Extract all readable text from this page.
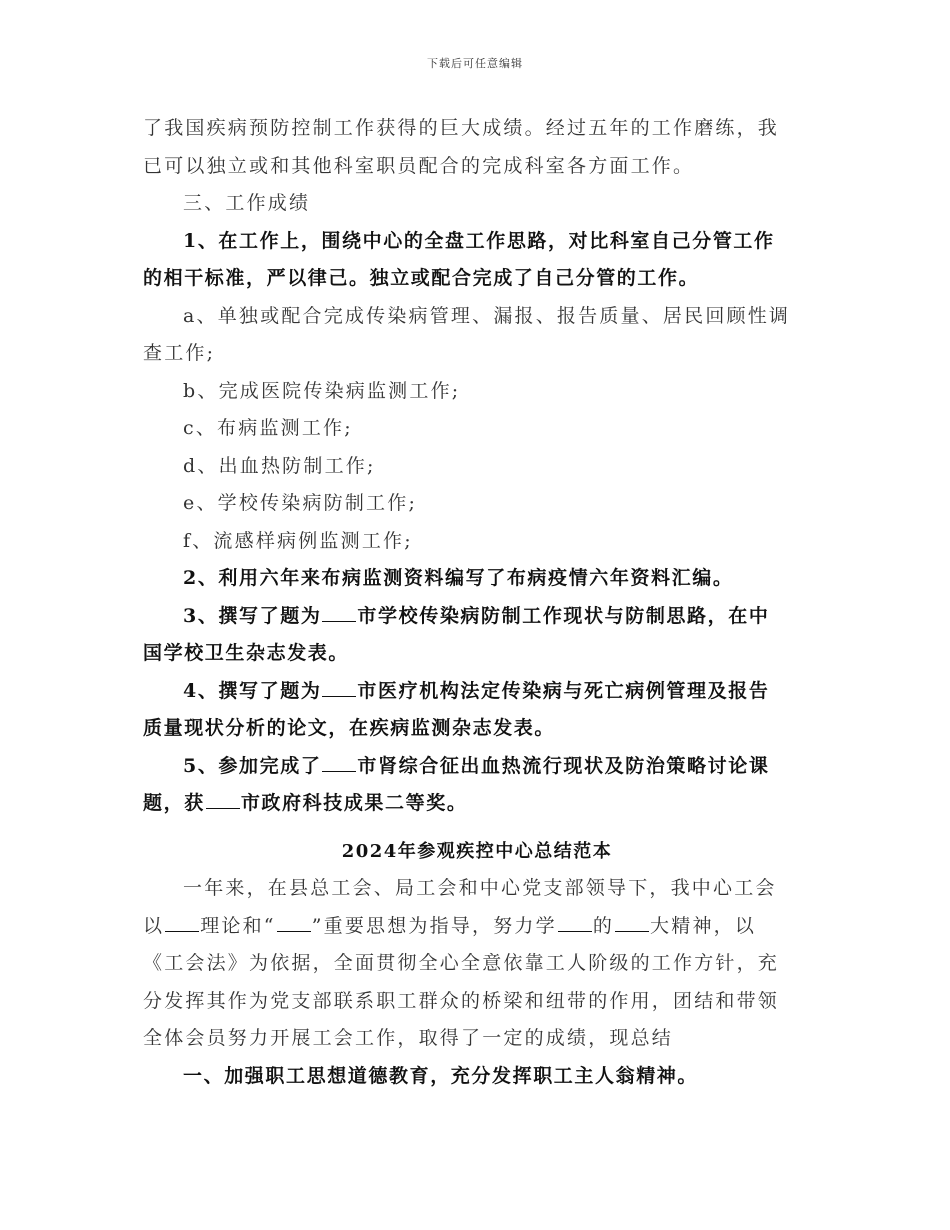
下载后可任意编辑
了我国疾病预防控制工作获得的巨大成绩。经过五年的工作磨练，我
已可以独立或和其他科室职员配合的完成科室各方面工作。
三、工作成绩
1、在工作上，围绕中心的全盘工作思路，对比科室自己分管工作
的相干标准，严以律己。独立或配合完成了自己分管的工作。
a、单独或配合完成传染病管理、漏报、报告质量、居民回顾性调
查工作;
b、完成医院传染病监测工作;
c、布病监测工作;
d、出血热防制工作;
e、学校传染病防制工作;
f、流感样病例监测工作;
2、利用六年来布病监测资料编写了布病疫情六年资料汇编。
3、撰写了题为 市学校传染病防制工作现状与防制思路，在中
国学校卫生杂志发表。
4、撰写了题为 市医疗机构法定传染病与死亡病例管理及报告
质量现状分析的论文，在疾病监测杂志发表。
5、参加完成了 市肾综合征出血热流行现状及防治策略讨论课
题，获 市政府科技成果二等奖。
2024年参观疾控中心总结范本
一年来，在县总工会、局工会和中心党支部领导下，我中心工会
以 理论和“ ”重要思想为指导，努力学 的 大精神，以
《工会法》为依据，全面贯彻全心全意依靠工人阶级的工作方针，充
分发挥其作为党支部联系职工群众的桥梁和纽带的作用，团结和带领
全体会员努力开展工会工作，取得了一定的成绩，现总结
一、加强职工思想道德教育，充分发挥职工主人翁精神。
